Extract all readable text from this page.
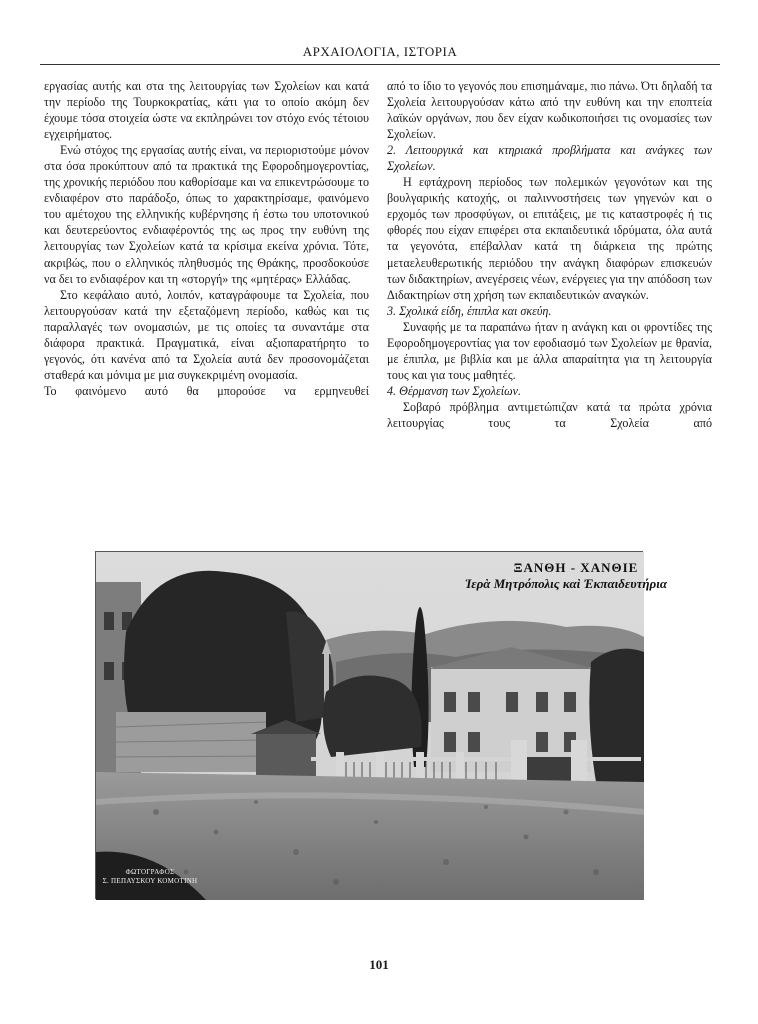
ΑΡΧΑΙΟΛΟΓΙΑ, ΙΣΤΟΡΙΑ

εργασίας αυτής και στα της λειτουργίας των Σχολείων και κατά την περίοδο της Τουρκοκρατίας, κάτι για το οποίο ακόμη δεν έχουμε τόσα στοιχεία ώστε να εκπληρώνει τον στόχο ενός τέτοιου εγχειρήματος.

Ενώ στόχος της εργασίας αυτής είναι, να περιοριστούμε μόνον στα όσα προκύπτουν από τα πρακτικά της Εφοροδημογεροντίας, της χρονικής περιόδου που καθορίσαμε και να επικεντρώσουμε το ενδιαφέρον στο παράδοξο, όπως το χαρακτηρίσαμε, φαινόμενο του αμέτοχου της ελληνικής κυβέρνησης ή έστω του υποτονικού και δευτερεύοντος ενδιαφέροντός της ως προς την ευθύνη της λειτουργίας των Σχολείων κατά τα κρίσιμα εκείνα χρόνια. Τότε, ακριβώς, που ο ελληνικός πληθυσμός της Θράκης, προσδοκούσε να δει το ενδιαφέρον και τη «στοργή» της «μητέρας» Ελλάδας.

Στο κεφάλαιο αυτό, λοιπόν, καταγράφουμε τα Σχολεία, που λειτουργούσαν κατά την εξεταζόμενη περίοδο, καθώς και τις παραλλαγές των ονομασιών, με τις οποίες τα συναντάμε στα διάφορα πρακτικά. Πραγματικά, είναι αξιοπαρατήρητο το γεγονός, ότι κανένα από τα Σχολεία αυτά δεν προσονομάζεται σταθερά και μόνιμα με μια συγκεκριμένη ονομασία.

Το φαινόμενο αυτό θα μπορούσε να ερμηνευθεί

από το ίδιο το γεγονός που επισημάναμε, πιο πάνω. Ότι δηλαδή τα Σχολεία λειτουργούσαν κάτω από την ευθύνη και την εποπτεία λαϊκών οργάνων, που δεν είχαν κωδικοποιήσει τις ονομασίες των Σχολείων.

2. Λειτουργικά και κτηριακά προβλήματα και ανάγκες των Σχολείων.

Η εφτάχρονη περίοδος των πολεμικών γεγονότων και της βουλγαρικής κατοχής, οι παλιννοστήσεις των γηγενών και ο ερχομός των προσφύγων, οι επιτάξεις, με τις καταστροφές ή τις φθορές που είχαν επιφέρει στα εκπαιδευτικά ιδρύματα, όλα αυτά τα γεγονότα, επέβαλλαν κατά τη διάρκεια της πρώτης μεταελευθερωτικής περιόδου την ανάγκη διαφόρων επισκευών των διδακτηρίων, ανεγέρσεις νέων, ενέργειες για την απόδοση των Διδακτηρίων στη χρήση των εκπαιδευτικών αναγκών.

3. Σχολικά είδη, έπιπλα και σκεύη.

Συναφής με τα παραπάνω ήταν η ανάγκη και οι φροντίδες της Εφοροδημογεροντίας για τον εφοδιασμό των Σχολείων με θρανία, με έπιπλα, με βιβλία και με άλλα απαραίτητα για τη λειτουργία τους και για τους μαθητές.

4. Θέρμανση των Σχολείων.

Σοβαρό πρόβλημα αντιμετώπιζαν κατά τα πρώτα χρόνια λειτουργίας τους τα Σχολεία από

ΞΑΝΘΗ - ΧΑΝΘΙΕ
Ἱερὰ Μητρόπολις καὶ Ἐκπαιδευτήρια
ΦΩΤΟΓΡΑΦΟΣ
Σ. ΠΕΠΑΥΣΚΟΥ ΚΟΜΟΤΙΝΗ
101
